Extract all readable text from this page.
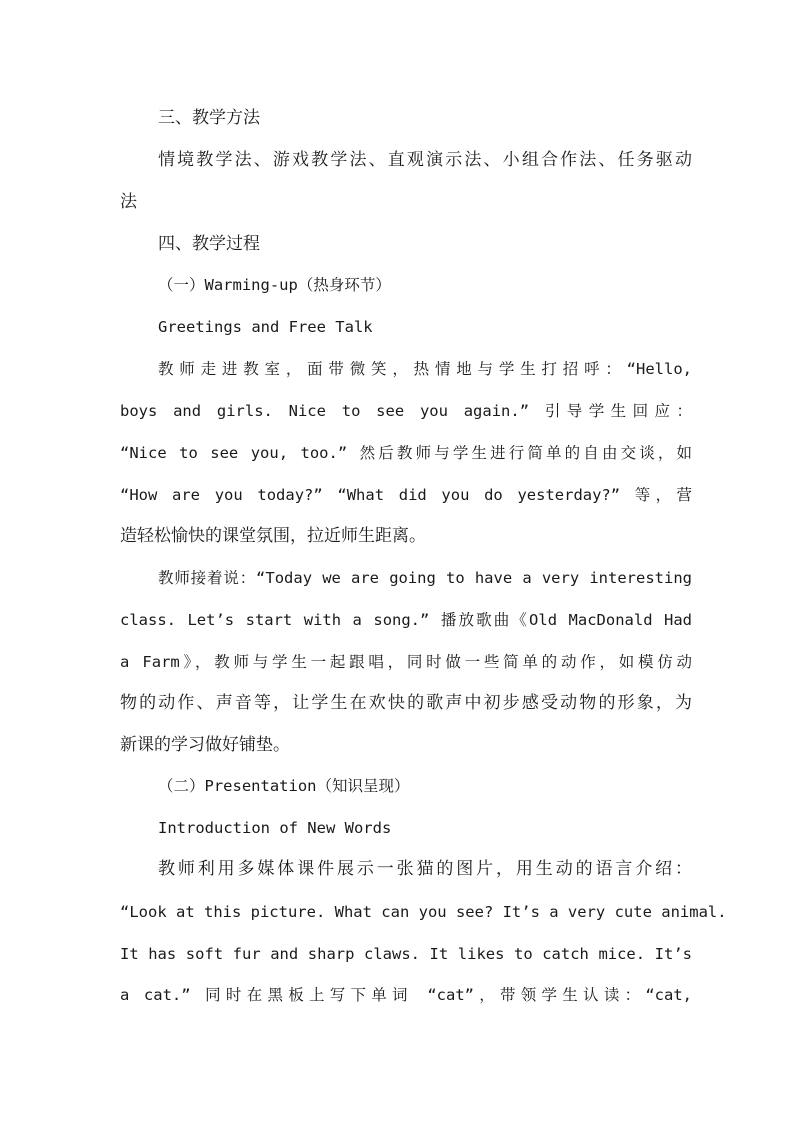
三、教学方法
情境教学法、游戏教学法、直观演示法、小组合作法、任务驱动
法
四、教学过程
（一）Warming-up（热身环节）
Greetings and Free Talk
教师走进教室，面带微笑，热情地与学生打招呼：“Hello,
boys and girls. Nice to see you again.” 引导学生回应：
“Nice to see you, too.” 然后教师与学生进行简单的自由交谈，如
“How are you today?” “What did you do yesterday?” 等，营
造轻松愉快的课堂氛围，拉近师生距离。
教师接着说：“Today we are going to have a very interesting
class. Let’s start with a song.” 播放歌曲《Old MacDonald Had
a Farm》，教师与学生一起跟唱，同时做一些简单的动作，如模仿动
物的动作、声音等，让学生在欢快的歌声中初步感受动物的形象，为
新课的学习做好铺垫。
（二）Presentation（知识呈现）
Introduction of New Words
教师利用多媒体课件展示一张猫的图片，用生动的语言介绍：
“Look at this picture. What can you see? It’s a very cute animal.
It has soft fur and sharp claws. It likes to catch mice. It’s
a cat.” 同时在黑板上写下单词 “cat”，带领学生认读：“cat,
